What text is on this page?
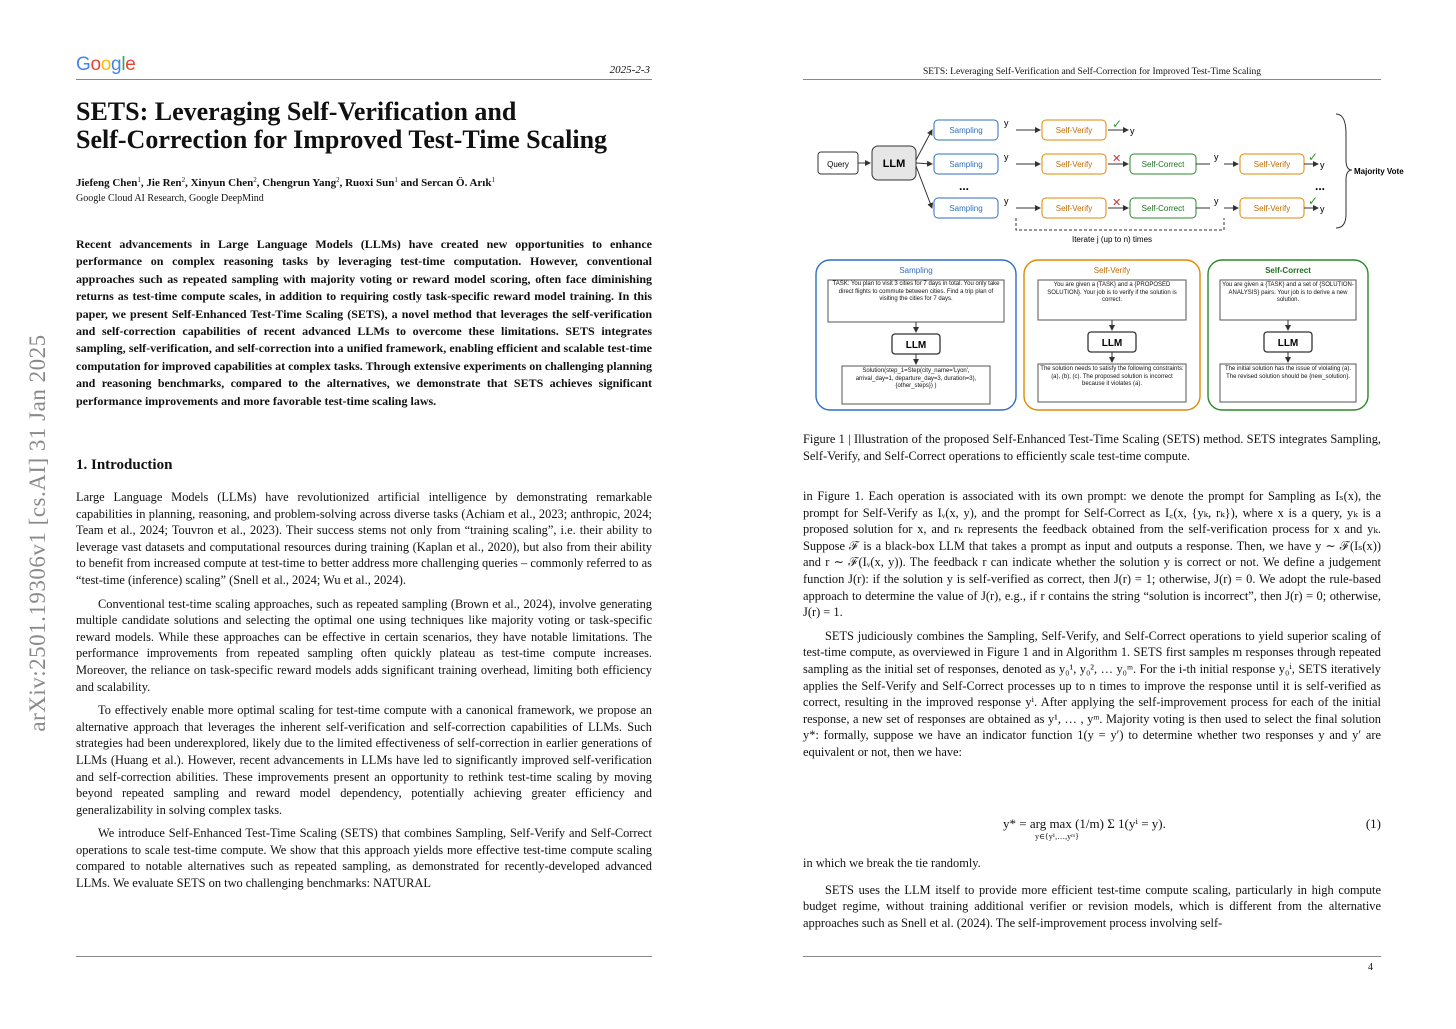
Google	2025-2-3
SETS: Leveraging Self-Verification and
Self-Correction for Improved Test-Time Scaling
Jiefeng Chen$^1$, Jie Ren$^2$, Xinyun Chen$^2$, Chengrun Yang$^2$, Ruoxi Sun$^1$ and Sercan Ö. Arık$^1$
Google Cloud AI Research, Google DeepMind
Recent advancements in Large Language Models (LLMs) have created new opportunities to enhance performance on complex reasoning tasks by leveraging test-time computation. However, conventional approaches such as repeated sampling with majority voting or reward model scoring, often face diminishing returns as test-time compute scales, in addition to requiring costly task-specific reward model training. In this paper, we present Self-Enhanced Test-Time Scaling (SETS), a novel method that leverages the self-verification and self-correction capabilities of recent advanced LLMs to overcome these limitations. SETS integrates sampling, self-verification, and self-correction into a unified framework, enabling efficient and scalable test-time computation for improved capabilities at complex tasks. Through extensive experiments on challenging planning and reasoning benchmarks, compared to the alternatives, we demonstrate that SETS achieves significant performance improvements and more favorable test-time scaling laws.
1. Introduction

Large Language Models (LLMs) have revolutionized artificial intelligence by demonstrating remarkable capabilities in planning, reasoning, and problem-solving across diverse tasks (Achiam et al., 2023; anthropic, 2024; Team et al., 2024; Touvron et al., 2023). Their success stems not only from “training scaling”, i.e. their ability to leverage vast datasets and computational resources during training (Kaplan et al., 2020), but also from their ability to benefit from increased compute at test-time to better address more challenging queries – commonly referred to as “test-time (inference) scaling” (Snell et al., 2024; Wu et al., 2024).

Conventional test-time scaling approaches, such as repeated sampling (Brown et al., 2024), involve generating multiple candidate solutions and selecting the optimal one using techniques like majority voting or task-specific reward models. While these approaches can be effective in certain scenarios, they have notable limitations. The performance improvements from repeated sampling often quickly plateau as test-time compute increases. Moreover, the reliance on task-specific reward models adds significant training overhead, limiting both efficiency and scalability.

To effectively enable more optimal scaling for test-time compute with a canonical framework, we propose an alternative approach that leverages the inherent self-verification and self-correction capabilities of LLMs. Such strategies had been underexplored, likely due to the limited effectiveness of self-correction in earlier generations of LLMs (Huang et al.). However, recent advancements in LLMs have led to significantly improved self-verification and self-correction abilities. These improvements present an opportunity to rethink test-time scaling by moving beyond repeated sampling and reward model dependency, potentially achieving greater efficiency and generalizability in solving complex tasks.

We introduce Self-Enhanced Test-Time Scaling (SETS) that combines Sampling, Self-Verify and Self-Correct operations to scale test-time compute. We show that this approach yields more effective test-time compute scaling compared to notable alternatives such as repeated sampling, as demonstrated for recently-developed advanced LLMs. We evaluate SETS on two challenging benchmarks: NATURAL

arXiv:2501.19306v1 [cs.AI] 31 Jan 2025
SETS: Leveraging Self-Verification and Self-Correction for Improved Test-Time Scaling
Query	LLM
Sampling
y
Self-Verify ✓ y
Sampling
y
Self-Verify ✕	Self-Correct
y
Self-Verify
✓
y
...	...
Sampling
y
Self-Verify ✕	Self-Correct
y
Self-Verify
✓
y
Iterate j (up to n) times
Majority Vote
Sampling
TASK: You plan to visit 3 cities for 7 days in total. You only take direct flights to commute between cities. Find a trip plan of visiting the cities for 7 days.
LLM
Solution(step_1=Step(city_name='Lyon', arrival_day=1, departure_day=3, duration=3), {other_steps}) )
Self-Verify
You are given a {TASK} and a {PROPOSED SOLUTION}. Your job is to verify if the solution is correct.
LLM
The solution needs to satisfy the following constraints: (a), (b), (c). The proposed solution is incorrect because it violates (a).
Self-Correct
You are given a {TASK} and a set of {SOLUTION-ANALYSIS} pairs. Your job is to derive a new solution.
LLM
The initial solution has the issue of violating (a). The revised solution should be {new_solution}.
Figure 1 | Illustration of the proposed Self-Enhanced Test-Time Scaling (SETS) method. SETS integrates Sampling, Self-Verify, and Self-Correct operations to efficiently scale test-time compute.

in Figure 1. Each operation is associated with its own prompt: we denote the prompt for Sampling as Iₛ(x), the prompt for Self-Verify as Iᵥ(x, y), and the prompt for Self-Correct as I꜀(x, {yₖ, rₖ}), where x is a query, yₖ is a proposed solution for x, and rₖ represents the feedback obtained from the self-verification process for x and yₖ. Suppose ℱ is a black-box LLM that takes a prompt as input and outputs a response. Then, we have y ∼ ℱ(Iₛ(x)) and r ∼ ℱ(Iᵥ(x, y)). The feedback r can indicate whether the solution y is correct or not. We define a judgement function J(r): if the solution y is self-verified as correct, then J(r) = 1; otherwise, J(r) = 0. We adopt the rule-based approach to determine the value of J(r), e.g., if r contains the string “solution is incorrect”, then J(r) = 0; otherwise, J(r) = 1.

SETS judiciously combines the Sampling, Self-Verify, and Self-Correct operations to yield superior scaling of test-time compute, as overviewed in Figure 1 and in Algorithm 1. SETS first samples m responses through repeated sampling as the initial set of responses, denoted as y₀¹, y₀², … y₀ᵐ. For the i-th initial response y₀ⁱ, SETS iteratively applies the Self-Verify and Self-Correct processes up to n times to improve the response until it is self-verified as correct, resulting in the improved response yⁱ. After applying the self-improvement process for each of the initial response, a new set of responses are obtained as y¹, … , yᵐ. Majority voting is then used to select the final solution y*: formally, suppose we have an indicator function 1(y = y′) to determine whether two responses y and y′ are equivalent or not, then we have:

y* = arg max (1/m) Σ 1(yⁱ = y).
y∈{y¹,…,yᵐ}
(1)

in which we break the tie randomly.

SETS uses the LLM itself to provide more efficient test-time compute scaling, particularly in high compute budget regime, without training additional verifier or revision models, which is different from the alternative approaches such as Snell et al. (2024). The self-improvement process involving self-

4
